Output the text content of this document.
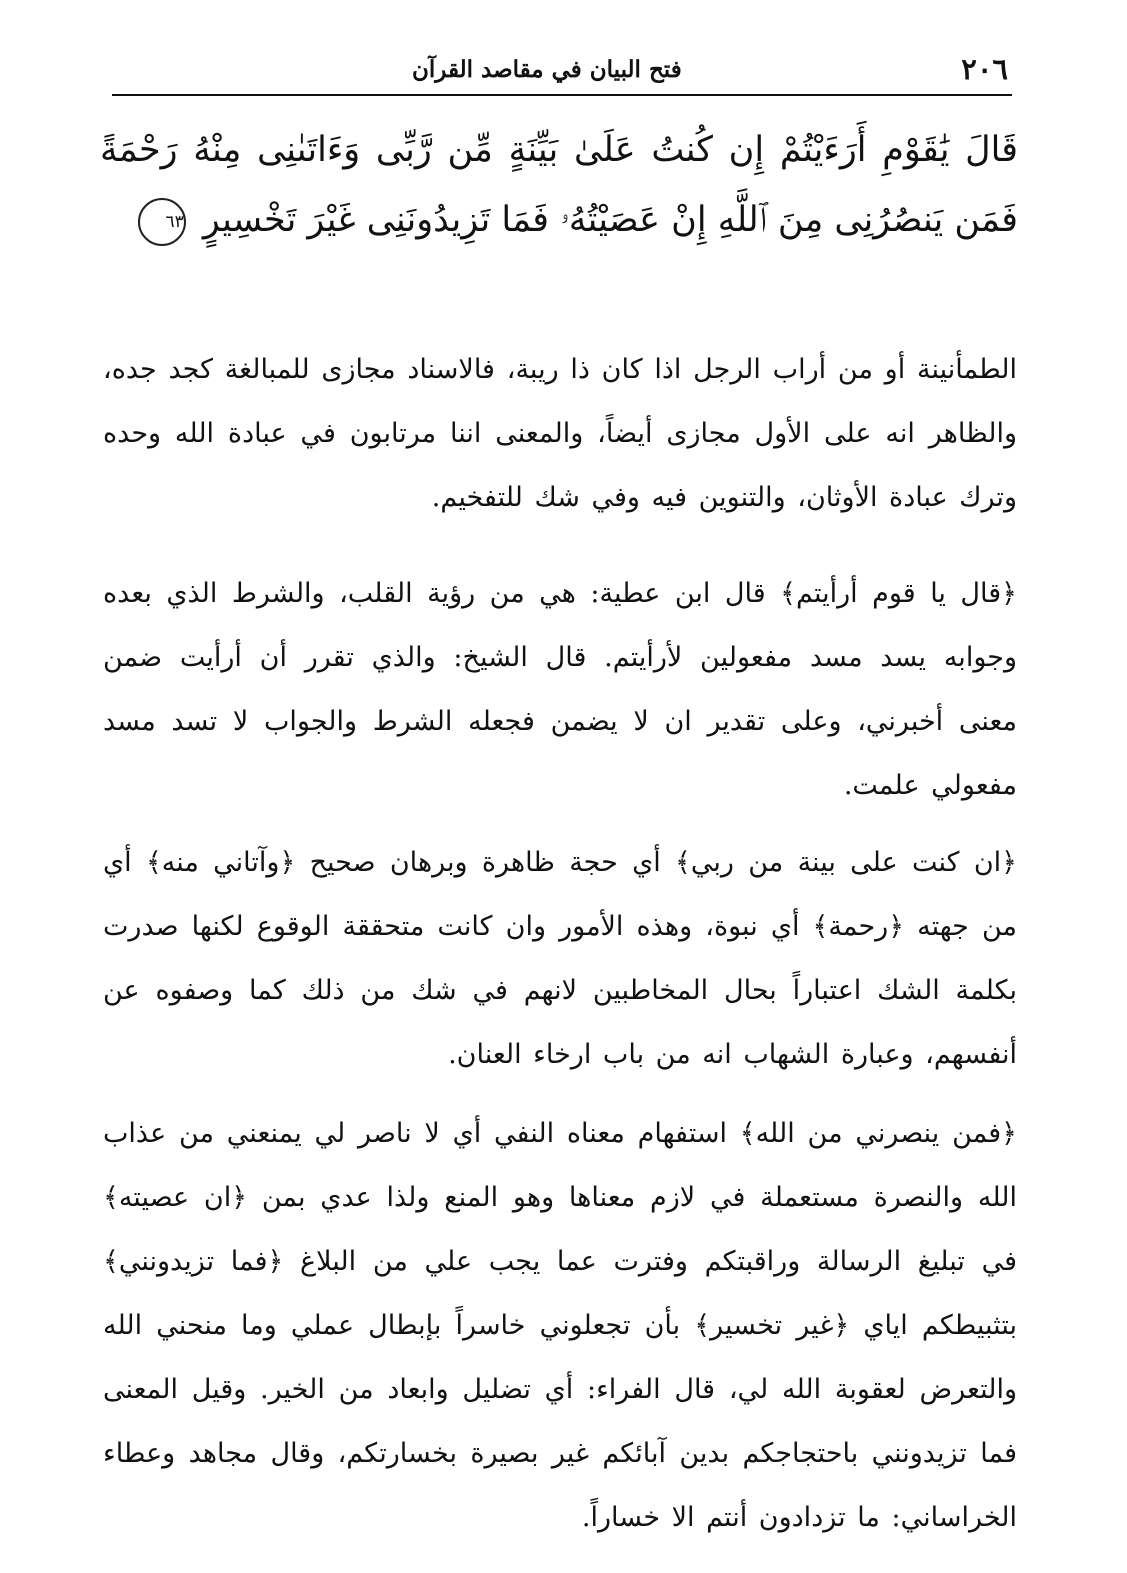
٢٠٦
فتح البيان في مقاصد القرآن
قَالَ يَٰقَوْمِ أَرَءَيْتُمْ إِن كُنتُ عَلَىٰ بَيِّنَةٍ مِّن رَّبِّى وَءَاتَىٰنِى مِنْهُ رَحْمَةً فَمَن يَنصُرُنِى مِنَ ٱللَّهِ إِنْ عَصَيْتُهُۥ فَمَا تَزِيدُونَنِى غَيْرَ تَخْسِيرٍ ٦٣

الطمأنينة أو من أراب الرجل اذا كان ذا ريبة، فالاسناد مجازى للمبالغة كجد جده، والظاهر انه على الأول مجازى أيضاً، والمعنى اننا مرتابون في عبادة الله وحده وترك عبادة الأوثان، والتنوين فيه وفي شك للتفخيم.

﴿قال يا قوم أرأيتم﴾ قال ابن عطية: هي من رؤية القلب، والشرط الذي بعده وجوابه يسد مسد مفعولين لأرأيتم. قال الشيخ: والذي تقرر أن أرأيت ضمن معنى أخبرني، وعلى تقدير ان لا يضمن فجعله الشرط والجواب لا تسد مسد مفعولي علمت.

﴿ان كنت على بينة من ربي﴾ أي حجة ظاهرة وبرهان صحيح ﴿وآتاني منه﴾ أي من جهته ﴿رحمة﴾ أي نبوة، وهذه الأمور وان كانت متحققة الوقوع لكنها صدرت بكلمة الشك اعتباراً بحال المخاطبين لانهم في شك من ذلك كما وصفوه عن أنفسهم، وعبارة الشهاب انه من باب ارخاء العنان.

﴿فمن ينصرني من الله﴾ استفهام معناه النفي أي لا ناصر لي يمنعني من عذاب الله والنصرة مستعملة في لازم معناها وهو المنع ولذا عدي بمن ﴿ان عصيته﴾ في تبليغ الرسالة وراقبتكم وفترت عما يجب علي من البلاغ ﴿فما تزيدونني﴾ بتثبيطكم اياي ﴿غير تخسير﴾ بأن تجعلوني خاسراً بإبطال عملي وما منحني الله والتعرض لعقوبة الله لي، قال الفراء: أي تضليل وابعاد من الخير. وقيل المعنى فما تزيدونني باحتجاجكم بدين آبائكم غير بصيرة بخسارتكم، وقال مجاهد وعطاء الخراساني: ما تزدادون أنتم الا خساراً.
